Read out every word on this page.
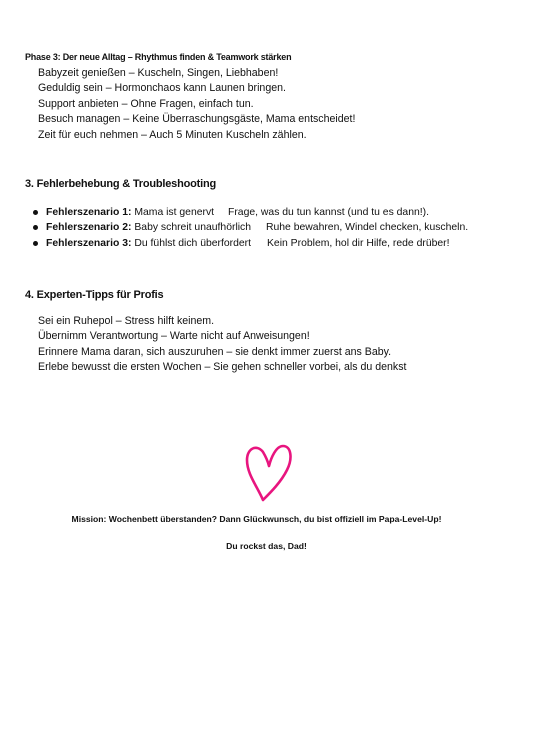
Phase 3: Der neue Alltag – Rhythmus finden & Teamwork stärken
Babyzeit genießen – Kuscheln, Singen, Liebhaben!
Geduldig sein – Hormonchaos kann Launen bringen.
Support anbieten – Ohne Fragen, einfach tun.
Besuch managen – Keine Überraschungsgäste, Mama entscheidet!
Zeit für euch nehmen – Auch 5 Minuten Kuscheln zählen.
3. Fehlerbehebung & Troubleshooting
Fehlerszenario 1: Mama ist genervt Frage, was du tun kannst (und tu es dann!).
Fehlerszenario 2: Baby schreit unaufhörlich Ruhe bewahren, Windel checken, kuscheln.
Fehlerszenario 3: Du fühlst dich überfordert Kein Problem, hol dir Hilfe, rede drüber!
4. Experten-Tipps für Profis
Sei ein Ruhepol – Stress hilft keinem.
Übernimm Verantwortung – Warte nicht auf Anweisungen!
Erinnere Mama daran, sich auszuruhen – sie denkt immer zuerst ans Baby.
Erlebe bewusst die ersten Wochen – Sie gehen schneller vorbei, als du denkst
Mission: Wochenbett überstanden? Dann Glückwunsch, du bist offiziell im Papa-Level-Up!
Du rockst das, Dad!
